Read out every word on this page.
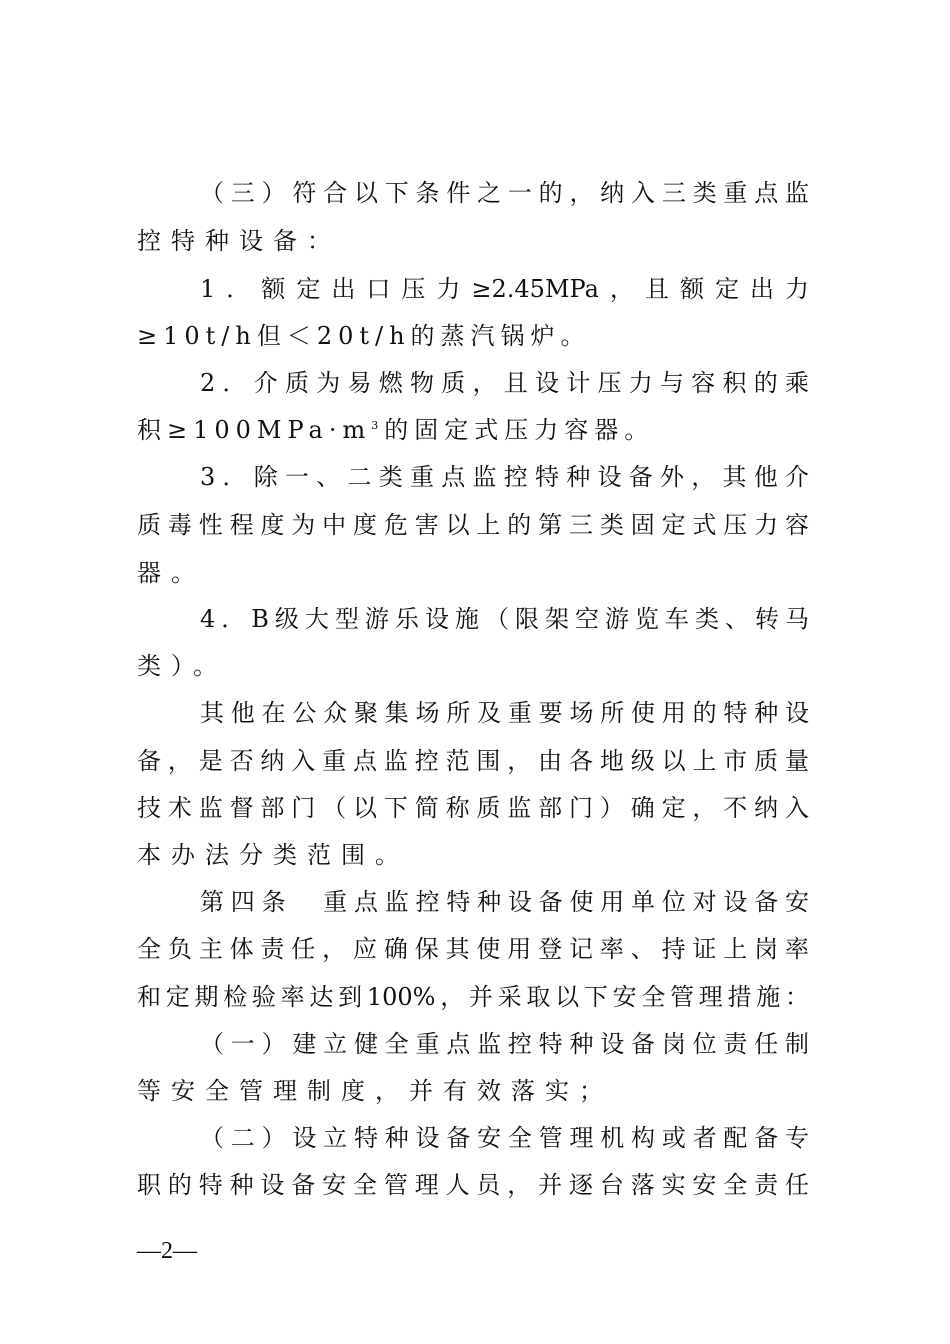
（三）符合以下条件之一的，纳入三类重点监
控特种设备：
1．额定出口压力≥2.45MPa，且额定出力
≥10t/h但＜20t/h的蒸汽锅炉。
2．介质为易燃物质，且设计压力与容积的乘
积$\ge 100MPa\cdot m^3$的固定式压力容器。
3．除一、二类重点监控特种设备外，其他介
质毒性程度为中度危害以上的第三类固定式压力容
器。
4．B级大型游乐设施（限架空游览车类、转马
类）。
其他在公众聚集场所及重要场所使用的特种设
备，是否纳入重点监控范围，由各地级以上市质量
技术监督部门（以下简称质监部门）确定，不纳入
本办法分类范围。
第四条　重点监控特种设备使用单位对设备安
全负主体责任，应确保其使用登记率、持证上岗率
和定期检验率达到100%，并采取以下安全管理措施：
（一）建立健全重点监控特种设备岗位责任制
等安全管理制度，并有效落实；
（二）设立特种设备安全管理机构或者配备专
职的特种设备安全管理人员，并逐台落实安全责任
—2—
